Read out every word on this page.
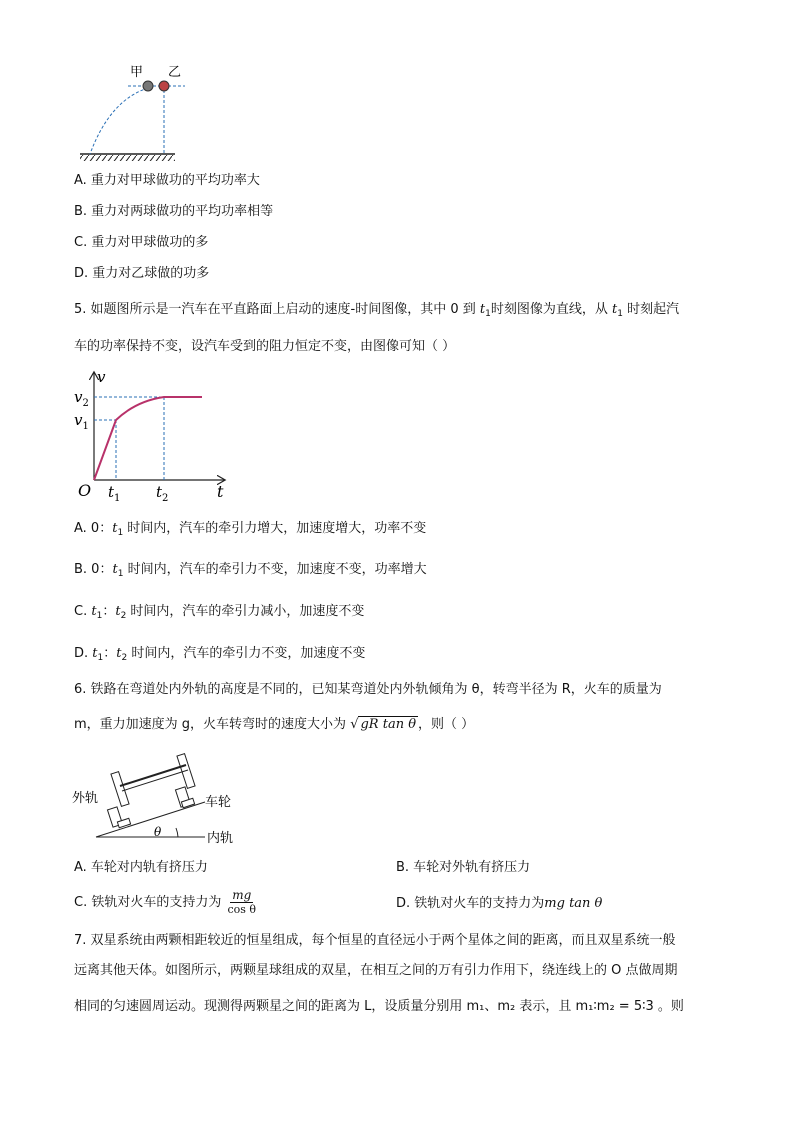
甲 乙
A. 重力对甲球做功的平均功率大
B. 重力对两球做功的平均功率相等
C. 重力对甲球做功的多
D. 重力对乙球做的功多
5. 如题图所示是一汽车在平直路面上启动的速度-时间图像，其中 0 到 $t_1$时刻图像为直线，从 $t_1$ 时刻起汽
车的功率保持不变，设汽车受到的阻力恒定不变，由图像可知（ ）
v
$v_2$
$v_1$
O $t_1$ $t_2$	t
A. 0：$t_1$ 时间内，汽车的牵引力增大，加速度增大，功率不变
B. 0：$t_1$ 时间内，汽车的牵引力不变，加速度不变，功率增大
C. $t_1$：$t_2$ 时间内，汽车的牵引力减小，加速度不变
D. $t_1$：$t_2$ 时间内，汽车的牵引力不变，加速度不变
6. 铁路在弯道处内外轨的高度是不同的，已知某弯道处内外轨倾角为 θ，转弯半径为 R，火车的质量为
m，重力加速度为 g，火车转弯时的速度大小为 √ gR tan θ ，则（ ）
外轨	车轮
θ	内轨
A. 车轮对内轨有挤压力	B. 车轮对外轨有挤压力
C. 铁轨对火车的支持力为 $\frac{mg}{\text{cos θ}}$	D. 铁轨对火车的支持力为mg tan θ
7. 双星系统由两颗相距较近的恒星组成，每个恒星的直径远小于两个星体之间的距离，而且双星系统一般
远离其他天体。如图所示，两颗星球组成的双星，在相互之间的万有引力作用下，绕连线上的 O 点做周期
相同的匀速圆周运动。现测得两颗星之间的距离为 L，设质量分别用 m₁、m₂ 表示，且 m₁∶m₂ = 5∶3 。则
